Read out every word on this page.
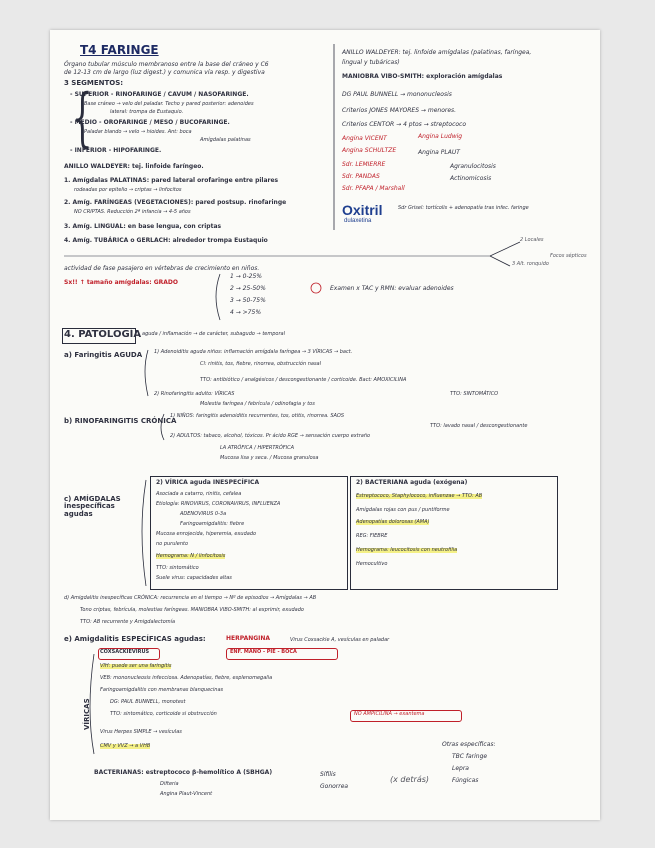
T4 FARINGE
Órgano tubular músculo membranoso entre la base del cráneo y C6
de 12-13 cm de largo (luz digest.) y comunica vía resp. y digestiva
3 SEGMENTOS:
- SUPERIOR - RINOFARINGE / CAVUM / NASOFARINGE.
Base cráneo → velo del paladar. Techo y pared posterior: adenoides
lateral: trompa de Eustaquio.
- MEDIO - OROFARINGE / MESO / BUCOFARINGE.
Paladar blando → velo → hioides. Ant: boca
Amígdalas palatinas
- INFERIOR - HIPOFARINGE.
ANILLO WALDEYER: tej. linfoide faríngeo.
1. Amígdalas PALATINAS: pared lateral orofaringe entre pilares
rodeadas por epitelio → criptas → linfocitos
2. Amíg. FARÍNGEAS (VEGETACIONES): pared postsup. rinofaringe
NO CRIPTAS. Reducción 2ª infancia → 4-5 años
3. Amíg. LINGUAL: en base lengua, con criptas
4. Amíg. TUBÁRICA o GERLACH: alrededor trompa Eustaquio
{
ANILLO WALDEYER: tej. linfoide amígdalas (palatinas, faríngea,
lingual y tubáricas)
MANIOBRA VIBO-SMITH: exploración amígdalas
DG PAUL BUNNELL → mononucleosis
Criterios JONES MAYORES → menores.
Criterios CENTOR → 4 ptos → streptococo
Angina VICENT	Angina Ludwig
Angina SCHULTZE	Angina PLAUT
Agranulocitosis
Sdr. LEMIERRE
Sdr. PANDAS
Sdr. PFAPA / Marshall
Actinomicosis
Oxitril
dulaxetina
Sdr Grisel: tortícolis + adenopatía tras infec. faringe
2 Locales
3 Alt. ronquido
Focos sépticos
actividad de fase pasajero en vértebras de crecimiento en niños.
Sx!! ↑ tamaño amígdalas: GRADO
1 → 0-25%
2 → 25-50%
3 → 50-75%
4 → >75%
Examen x TAC y RMN: evaluar adenoides
4. PATOLOGÍA aguda / inflamación → de carácter, subagudo → temporal
a) Faringitis AGUDA 1) Adenoiditis aguda niños: inflamación amígdala faríngea → 3 VÍRICAS → bact.
Cl: rinitis, tos, fiebre, rinorrea, obstrucción nasal
TTO: antibiótico / analgésicos / descongestionante / corticoide. Bact: AMOXICILINA
2) Rinofaringitis adulto: VÍRICAS
Molestia faríngea / febrícula / odinofagia y tos
TTO: SINTOMÁTICO
b) RINOFARINGITIS CRÓNICA
1) NIÑOS: faringitis adenoiditis recurrentes, tos, otitis, rinorrea. SAOS
TTO: lavado nasal / descongestionante
2) ADULTOS: tabaco, alcohol, tóxicos. Pr ácido RGE → sensación cuerpo extraño
LA ATRÓFICA / HIPERTRÓFICA
Mucosa lisa y seca. / Mucosa granulosa
2) VÍRICA aguda INESPECÍFICA
Asociada a catarro, rinitis, cefalea
Etiología: RINOVIRUS, CORONAVIRUS, INFLUENZA
ADENOVIRUS 0-3a
Faringoamigdalitis: fiebre
Mucosa enrojecida, hiperemia, exudado
no purulento
Hemograma: N / linfocitosis
TTO: sintomático
Suele virus: capacidades altas
2) BACTERIANA aguda (exógena)
Estreptococo, Staphylococo, influenzae → TTO: AB
Amígdalas rojas con pus / puntiforme
Adenopatías dolorosas (AMA)
REG: FIEBRE
Hemograma: leucocitosis con neutrofilia
Hemocultivo
c) AMÍGDALAS inespecíficas agudas
d) Amigdalitis inespecíficas CRÓNICA: recurrencia en el tiempo → Nº de episodios → Amígdalas → AB
Tono criptas, febrícula, molestias faríngeas. MANIOBRA VIBO-SMITH: al exprimir, exudado
TTO: AB recurrente y Amigdalectomía
e) Amigdalitis ESPECÍFICAS agudas:	HERPANGINA	Virus Coxsackie A, vesículas en paladar
COXSACKIEVIRUS	ENF. MANO - PIE - BOCA
VIH: puede ser una faringitis
VEB: mononucleosis infecciosa. Adenopatías, fiebre, esplenomegalia
Faringoamigdalitis con membranas blanquecinas
DG: PAUL BUNNELL, monotest
TTO: sintomático, corticoide si obstrucción	NO AMPICILINA → exantema
Virus Herpes SIMPLE → vesículas
CMV y VVZ → a VHB
VÍRICAS
Otras específicas:
TBC faringe
Lepra
Fúngicas
BACTERIANAS: estreptococo β-hemolítico A (SBHGA)
Difteria
Angina Plaut-Vincent
Sífilis
Gonorrea
(x detrás)
